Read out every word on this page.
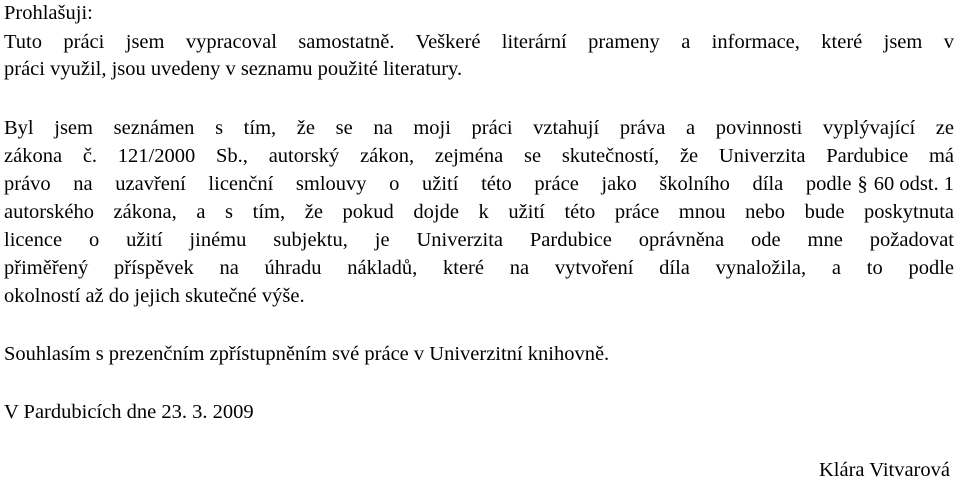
Prohlašuji:
Tuto práci jsem vypracoval samostatně. Veškeré literární prameny a informace, které jsem v
práci využil, jsou uvedeny v seznamu použité literatury.
Byl jsem seznámen s tím, že se na moji práci vztahují práva a povinnosti vyplývající ze
zákona č. 121/2000 Sb., autorský zákon, zejména se skutečností, že Univerzita Pardubice má
právo na uzavření licenční smlouvy o užití této práce jako školního díla podle § 60 odst. 1
autorského zákona, a s tím, že pokud dojde k užití této práce mnou nebo bude poskytnuta
licence o užití jinému subjektu, je Univerzita Pardubice oprávněna ode mne požadovat
přiměřený příspěvek na úhradu nákladů, které na vytvoření díla vynaložila, a to podle
okolností až do jejich skutečné výše.
Souhlasím s prezenčním zpřístupněním své práce v Univerzitní knihovně.
V Pardubicích dne 23. 3. 2009
Klára Vitvarová
